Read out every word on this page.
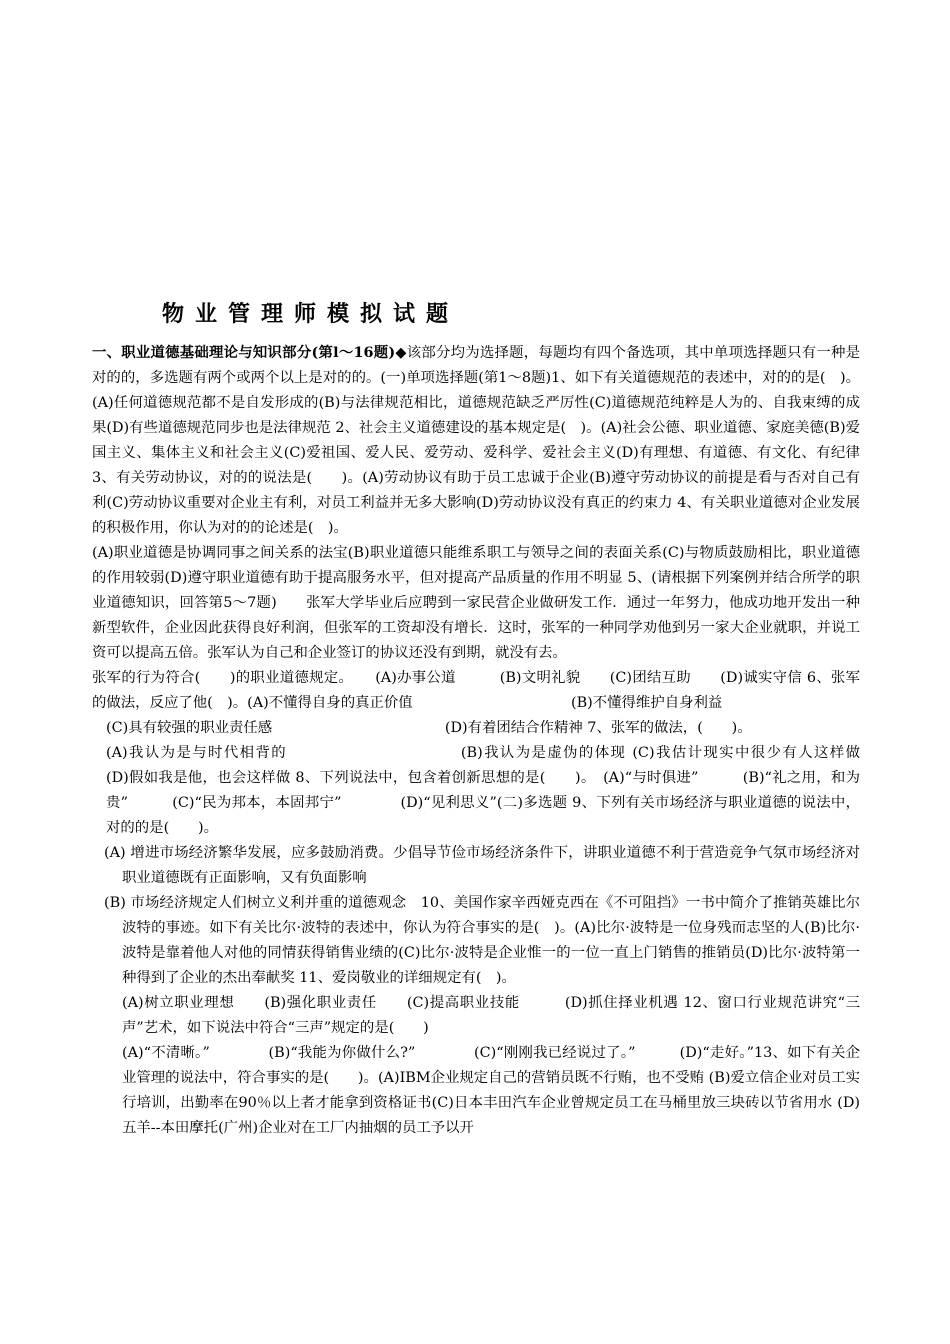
物业管理师模拟试题

一、职业道德基础理论与知识部分(第l～16题)◆该部分均为选择题，每题均有四个备选项，其中单项选择题只有一种是对的的，多选题有两个或两个以上是对的的。(一)单项选择题(第1～8题)1、如下有关道德规范的表述中，对的的是(　)。(A)任何道德规范都不是自发形成的(B)与法律规范相比，道德规范缺乏严厉性(C)道德规范纯粹是人为的、自我束缚的成果(D)有些道德规范同步也是法律规范 2、社会主义道德建设的基本规定是(　)。(A)社会公德、职业道德、家庭美德(B)爱国主义、集体主义和社会主义(C)爱祖国、爱人民、爱劳动、爱科学、爱社会主义(D)有理想、有道德、有文化、有纪律 3、有关劳动协议，对的的说法是(　　)。(A)劳动协议有助于员工忠诚于企业(B)遵守劳动协议的前提是看与否对自己有利(C)劳动协议重要对企业主有利，对员工利益并无多大影响(D)劳动协议没有真正的约束力 4、有关职业道德对企业发展的积极作用，你认为对的的论述是(　)。

(A)职业道德是协调同事之间关系的法宝(B)职业道德只能维系职工与领导之间的表面关系(C)与物质鼓励相比，职业道德的作用较弱(D)遵守职业道德有助于提高服务水平，但对提高产品质量的作用不明显 5、(请根据下列案例并结合所学的职业道德知识，回答第5～7题)　　张军大学毕业后应聘到一家民营企业做研发工作．通过一年努力，他成功地开发出一种新型软件，企业因此获得良好利润，但张军的工资却没有增长．这时，张军的一种同学劝他到另一家大企业就职，并说工资可以提高五倍。张军认为自己和企业签订的协议还没有到期，就没有去。

张军的行为符合(　　)的职业道德规定。　　(A)办事公道　　　(B)文明礼貌　　(C)团结互助　　(D)诚实守信 6、张军的做法，反应了他(　)。(A)不懂得自身的真正价值　　　　　　　　　　　(B)不懂得维护自身利益

(C)具有较强的职业责任感　　　　　　　　　　　　(D)有着团结合作精神 7、张军的做法，(　　)。

(A)我认为是与时代相背的　　　　　　　　　　　(B)我认为是虚伪的体现 (C)我估计现实中很少有人这样做　　　　　　(D)假如我是他，也会这样做 8、下列说法中，包含着创新思想的是(　　)。　(A)“与时俱进”　　　(B)“礼之用，和为贵”　　　(C)“民为邦本，本固邦宁”　　　　(D)“见利思义”(二)多选题 9、下列有关市场经济与职业道德的说法中，对的的是(　　)。

(A) 增进市场经济繁华发展，应多鼓励消费。少倡导节俭市场经济条件下，讲职业道德不利于营造竞争气氛市场经济对职业道德既有正面影响，又有负面影响

(B) 市场经济规定人们树立义利并重的道德观念　10、美国作家辛西娅克西在《不可阻挡》一书中简介了推销英雄比尔波特的事迹。如下有关比尔·波特的表述中，你认为符合事实的是(　)。(A)比尔·波特是一位身残而志坚的人(B)比尔·波特是靠着他人对他的同情获得销售业绩的(C)比尔·波特是企业惟一的一位一直上门销售的推销员(D)比尔·波特第一种得到了企业的杰出奉献奖 11、爱岗敬业的详细规定有(　)。

(A)树立职业理想　　(B)强化职业责任　　(C)提高职业技能　　　(D)抓住择业机遇 12、窗口行业规范讲究“三声”艺术，如下说法中符合“三声”规定的是(　　)

(A)“不清晰。”　　　　(B)“我能为你做什么?”　　　　(C)“刚刚我已经说过了。”　　　(D)“走好。”13、如下有关企业管理的说法中，符合事实的是(　　)。(A)IBM企业规定自己的营销员既不行贿，也不受贿 (B)爱立信企业对员工实行培训，出勤率在90％以上者才能拿到资格证书(C)日本丰田汽车企业曾规定员工在马桶里放三块砖以节省用水 (D)五羊--本田摩托(广州)企业对在工厂内抽烟的员工予以开
